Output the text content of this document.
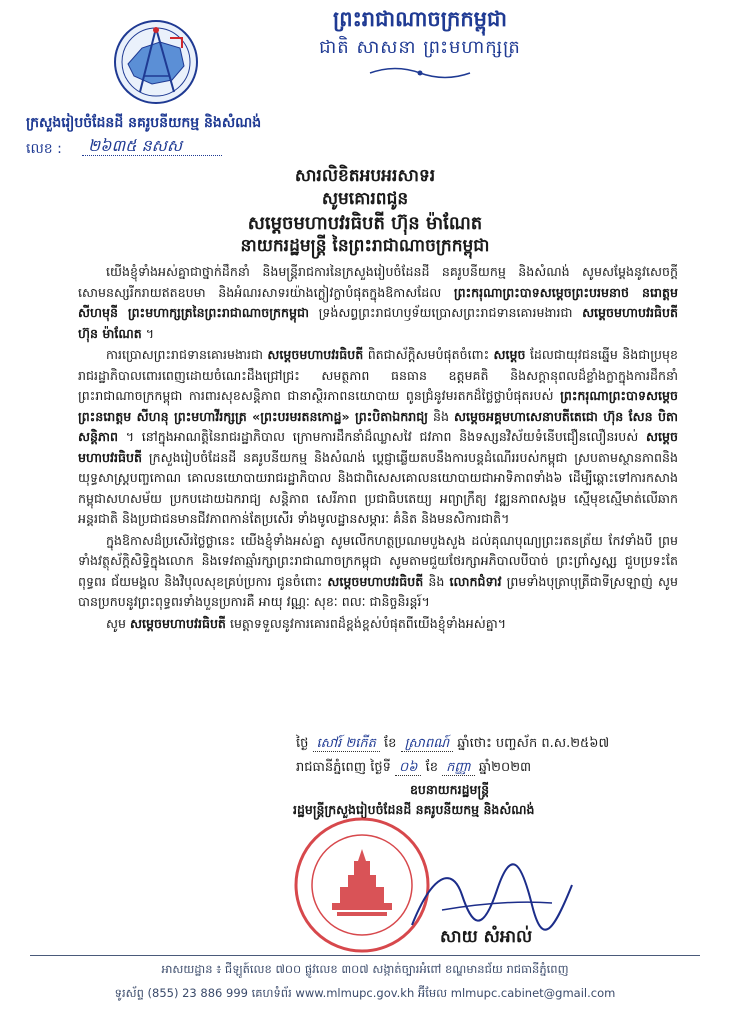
ព្រះរាជាណាចក្រកម្ពុជា
ជាតិ សាសនា ព្រះមហាក្សត្រ
ក្រសួងរៀបចំដែនដី នគរូបនីយកម្ម និងសំណង់
លេខ : ២៦៣៥ នសស
សារលិខិតអបអរសាទរ
សូមគោរពជូន
សម្តេចមហាបវរធិបតី ហ៊ុន ម៉ាណែត
នាយករដ្ឋមន្ត្រី នៃព្រះរាជាណាចក្រកម្ពុជា

យើងខ្ញុំទាំងអស់គ្នាជាថ្នាក់ដឹកនាំ និងមន្ត្រីរាជការនៃក្រសួងរៀបចំដែនដី នគរូបនីយកម្ម និងសំណង់ សូមសម្តែងនូវសេចក្តីសោមនស្សរីករាយឥតឧបមា និងអំណរសាទរយ៉ាងក្លៀវក្លាបំផុតក្នុងឱកាសដែល ព្រះករុណាព្រះបាទសម្តេចព្រះបរមនាថ នរោត្តម សីហមុនី ព្រះមហាក្សត្រនៃព្រះរាជាណាចក្រកម្ពុជា ទ្រង់សព្វព្រះរាជហឫទ័យប្រោសព្រះរាជទានគោរមងារជា សម្តេចមហាបវរធិបតី ហ៊ុន ម៉ាណែត ។

ការប្រោសព្រះរាជទានគោរមងារជា សម្តេចមហាបវរធិបតី ពិតជាស័ក្តិសមបំផុតចំពោះ សម្តេច ដែលជាយុវជនឆ្នើម និងជាប្រមុខរាជរដ្ឋាភិបាលពោរពេញដោយចំណេះដឹងជ្រៅជ្រះ សមត្ថភាព ធនធាន ឧត្តមគតិ និងសក្តានុពលដ៏ខ្លាំងក្លាក្នុងការដឹកនាំព្រះរាជាណាចក្រកម្ពុជា ការពារសុខសន្តិភាព ជានាស្ថិរភាពនយោបាយ ពូនជ្រំនូវមរតកដ៏ថ្លៃថ្លាបំផុតរបស់ ព្រះករុណាព្រះបាទសម្តេចព្រះនរោត្តម សីហនុ ព្រះមហាវីរក្សត្រ «ព្រះបរមរតនកោដ្ឋ» ព្រះបិតាឯករាជ្យ និង សម្តេចអគ្គមហាសេនាបតីតេជោ ហ៊ុន សែន បិតាសន្តិភាព ។ នៅក្នុងអាណត្តិនៃរាជរដ្ឋាភិបាល ក្រោមការដឹកនាំដ៏ឈ្លាសវៃ ជវភាព និងទស្សនវិស័យទំនើបជឿនលឿនរបស់ សម្តេចមហាបវរធិបតី ក្រសួងរៀបចំដែនដី នគរូបនីយកម្ម និងសំណង់ ប្តេជ្ញាឆ្លើយតបនឹងការបន្តដំណើររបស់កម្ពុជា ស្របតាមស្ថានភាពនិងយុទ្ធសាស្ត្របញ្ចកោណ គោលនយោបាយរាជរដ្ឋាភិបាល និងជាពិសេសគោលនយោបាយជាអាទិភាពទាំង៦ ដើម្បីឆ្ពោះទៅការកសាងកម្ពុជាសហសម័យ ប្រកបដោយឯករាជ្យ សន្តិភាព សេរីភាព ប្រជាធិបតេយ្យ អព្យាក្រឹត្យ វឌ្ឍនភាពសង្គម ស្មើមុខស្មើមាត់លើឆាកអន្តរជាតិ និងប្រជាជនមានជីវភាពកាន់តែប្រសើរ ទាំងមូលដ្ឋានសម្ភារៈ គំនិត និងមនសិការជាតិ។

ក្នុងឱកាសដ៏ប្រសើរថ្លៃថ្លានេះ យើងខ្ញុំទាំងអស់គ្នា សូមលើកហត្ថប្រណមបួងសួង ដល់គុណបុណ្យព្រះរតនត្រ័យ កែវទាំងបី ព្រមទាំងវត្ថុស័ក្តិសិទ្ធិក្នុងលោក និងទេវតាឆ្មាំរក្សាព្រះរាជាណាចក្រកម្ពុជា សូមតាមជួយថែរក្សាអភិបាលបីបាច់ ព្រះព្រាំស្វស្ត្ស ជួបប្រទះតែពុទ្ធពរ ជ័យមង្គល និងវិបុលសុខគ្រប់ប្រការ ជូនចំពោះ សម្តេចមហាបវរធិបតី និង លោកជំទាវ ព្រមទាំងបុត្រាបុត្រីជាទីស្រឡាញ់ សូមបានប្រកបនូវព្រះពុទ្ធពរទាំងបួនប្រការគឺ អាយុ វណ្ណៈ សុខៈ ពលៈ ជានិច្ចនិរន្តរ៍។

សូម សម្តេចមហាបវរធិបតី មេត្តាទទួលនូវការគោរពដ៏ខ្ពង់ខ្ពស់បំផុតពីយើងខ្ញុំទាំងអស់គ្នា។

ថ្ងៃ សៅរ៍ ២កើត ខែ ស្រាពណ៍ ឆ្នាំថោះ បញ្ចស័ក ព.ស.២៥៦៧
រាជធានីភ្នំពេញ ថ្ងៃទី ០៦ ខែ កញ្ញា ឆ្នាំ២០២៣
ឧបនាយករដ្ឋមន្ត្រី
រដ្ឋមន្ត្រីក្រសួងរៀបចំដែនដី នគរូបនីយកម្ម និងសំណង់
សាយ សំអាល់
អាសយដ្ឋាន ៖ ជីឡូត៍លេខ ៧០០ ផ្លូវលេខ ៣០៧ សង្កាត់ច្បារអំពៅ ខណ្ឌមានជ័យ រាជធានីភ្នំពេញ
ទូរស័ព្ទ (855) 23 886 999 គេហទំព័រ www.mlmupc.gov.kh អ៊ីមែល mlmupc.cabinet@gmail.com
